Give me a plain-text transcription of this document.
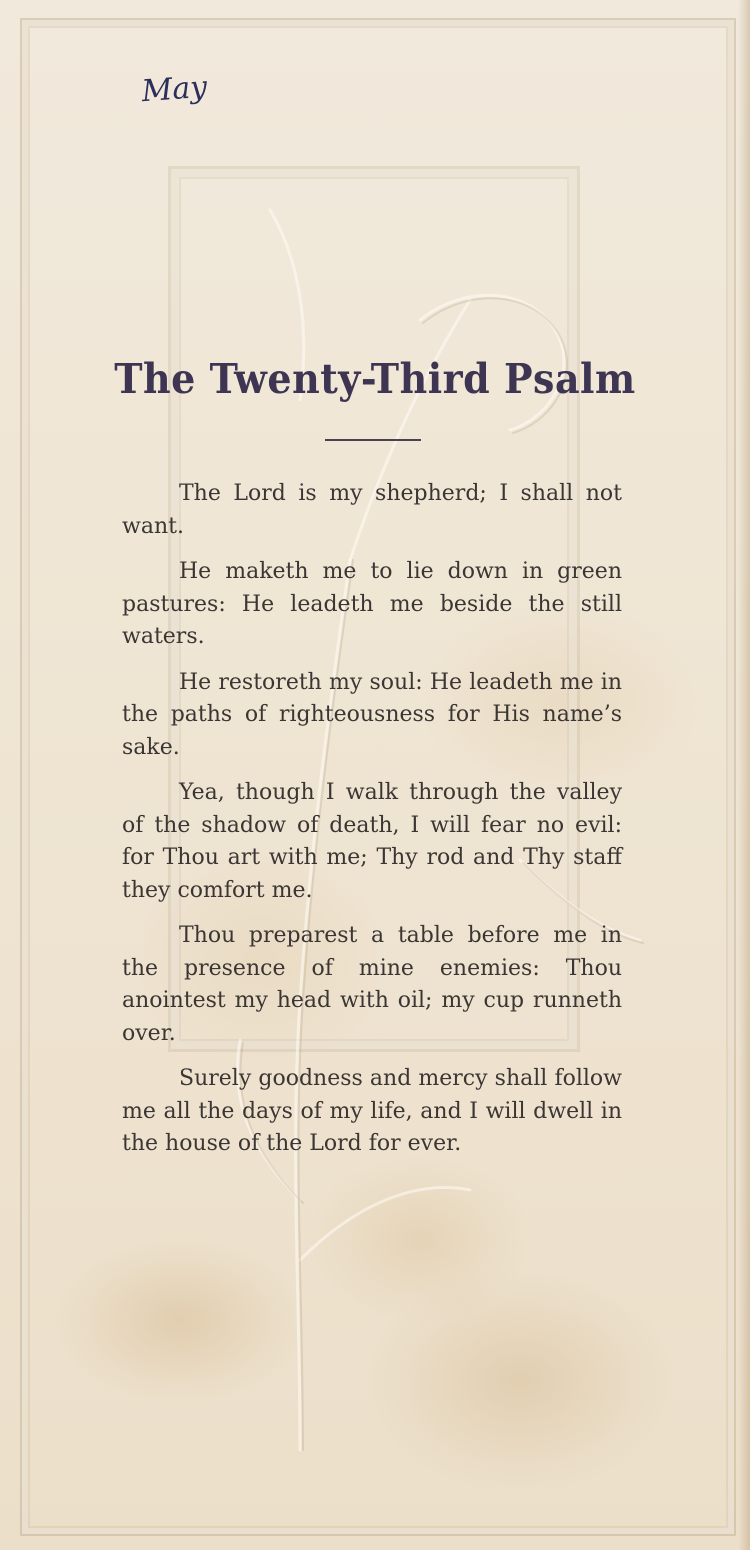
May
The Twenty-Third Psalm

The Lord is my shepherd; I shall not want.

He maketh me to lie down in green pastures: He leadeth me beside the still waters.

He restoreth my soul: He leadeth me in the paths of righteousness for His name’s sake.

Yea, though I walk through the valley of the shadow of death, I will fear no evil: for Thou art with me; Thy rod and Thy staff they comfort me.

Thou preparest a table before me in the presence of mine enemies: Thou anointest my head with oil; my cup runneth over.

Surely goodness and mercy shall follow me all the days of my life, and I will dwell in the house of the Lord for ever.
